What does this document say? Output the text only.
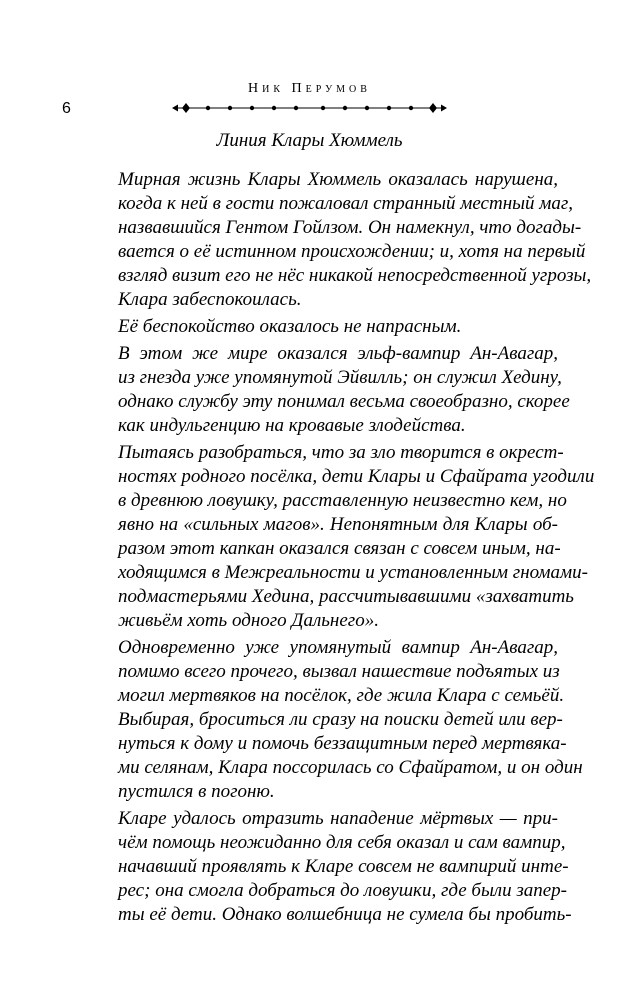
Ник Перумов
6
Линия Клары Хюммель

Мирная жизнь Клары Хюммель оказалась нарушена,
когда к ней в гости пожаловал странный местный маг,
назвавшийся Гентом Гойлзом. Он намекнул, что догады-
вается о её истинном происхождении; и, хотя на первый
взгляд визит его не нёс никакой непосредственной угрозы,
Клара забеспокоилась.

Её беспокойство оказалось не напрасным.

В этом же мире оказался эльф-вампир Ан-Авагар,
из гнезда уже упомянутой Эйвилль; он служил Хедину,
однако службу эту понимал весьма своеобразно, скорее
как индульгенцию на кровавые злодейства.

Пытаясь разобраться, что за зло творится в окрест-
ностях родного посёлка, дети Клары и Сфайрата угодили
в древнюю ловушку, расставленную неизвестно кем, но
явно на «сильных магов». Непонятным для Клары об-
разом этот капкан оказался связан с совсем иным, на-
ходящимся в Межреальности и установленным гномами-
подмастерьями Хедина, рассчитывавшими «захватить
живьём хоть одного Дальнего».

Одновременно уже упомянутый вампир Ан-Авагар,
помимо всего прочего, вызвал нашествие подъятых из
могил мертвяков на посёлок, где жила Клара с семьёй.
Выбирая, броситься ли сразу на поиски детей или вер-
нуться к дому и помочь беззащитным перед мертвяка-
ми селянам, Клара поссорилась со Сфайратом, и он один
пустился в погоню.

Кларе удалось отразить нападение мёртвых — при-
чём помощь неожиданно для себя оказал и сам вампир,
начавший проявлять к Кларе совсем не вампирий инте-
рес; она смогла добраться до ловушки, где были запер-
ты её дети. Однако волшебница не сумела бы пробить-
